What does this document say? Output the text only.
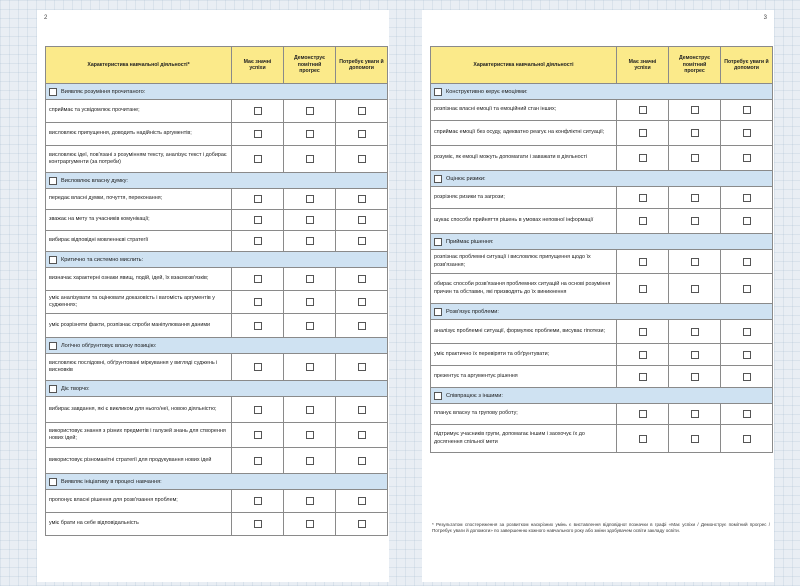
2
Характеристика навчальної діяльності*
Має значні успіхи
Демонструє помітний прогрес
Потребує уваги й допомоги
Виявляє розуміння прочитаного:
сприймає та усвідомлює прочитане;
висловлює припущення, доводить надійність аргументів;
висловлює ідеї, пов'язані з розумінням тексту, аналізує текст і добирає контраргументи (за потреби)
Висловлює власну думку:
передає власні думки, почуття, переконання;
зважає на мету та учасників комунікації;
вибирає відповідні мовленнєві стратегії
Критично та системно мислить:
визначає характерні ознаки явищ, подій, ідей, їх взаємозв'язків;
уміє аналізувати та оцінювати доказовість і вагомість аргументів у судженнях;
уміє розрізняти факти, розпізнає спроби маніпулювання даними
Логічно обґрунтовує власну позицію:
висловлює послідовні, обґрунтовані міркування у вигляді суджень і висновків
Діє творчо:
вибирає завдання, які є викликом для нього/неї, новою діяльністю;
використовує знання з різних предметів і галузей знань для створення нових ідей;
використовує різноманітні стратегії для продукування нових ідей
Виявляє ініціативу в процесі навчання:
пропонує власні рішення для розв'язання проблем;
уміє брати на себе відповідальність
3
Характеристика навчальної діяльності
Має значні успіхи
Демонструє помітний прогрес
Потребує уваги й допомоги
Конструктивно керує емоціями:
розпізнає власні емоції та емоційний стан інших;
сприймає емоції без осуду, адекватно реагує на конфліктні ситуації;
розуміє, як емоції можуть допомагати і заважати в діяльності
Оцінює ризики:
розрізняє ризики та загрози;
шукає способи прийняття рішень в умовах неповної інформації
Приймає рішення:
розпізнає проблемні ситуації і висловлює припущення щодо їх розв'язання;
обирає способи розв'язання проблемних ситуацій на основі розуміння причин та обставин, які призводять до їх виникнення
Розв'язує проблеми:
аналізує проблемні ситуації, формулює проблеми, висуває гіпотези;
уміє практично їх перевіряти та обґрунтувати;
презентує та аргументує рішення
Співпрацює з іншими:
планує власну та групову роботу;
підтримує учасників групи, допомагає іншим і заохочує їх до досягнення спільної мети
* Результатом спостереження за розвитком наскрізних умінь є виставлення відповідної позначки в графі «Має успіхи / Демонструє помітний прогрес / Потребує уваги й допомоги» по завершенню кожного навчального року або зміни здобувачем освіти закладу освіти.
